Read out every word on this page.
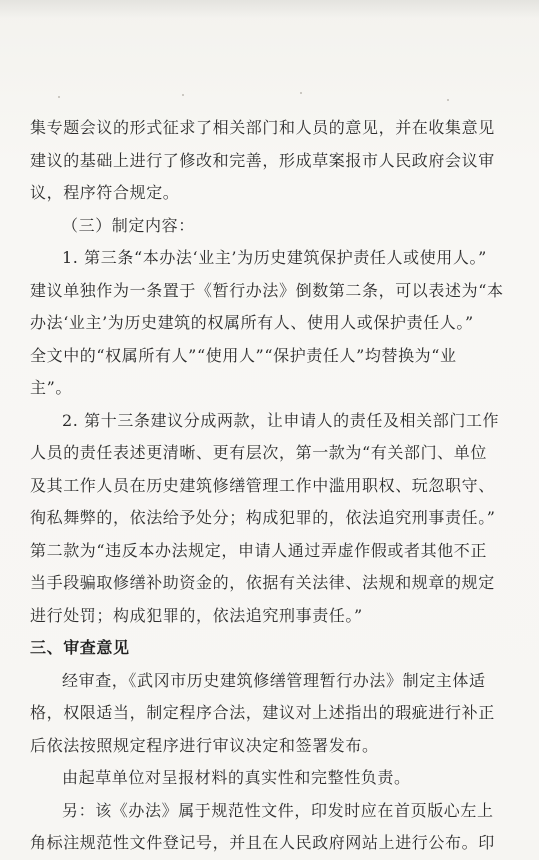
集专题会议的形式征求了相关部门和人员的意见，并在收集意见
建议的基础上进行了修改和完善，形成草案报市人民政府会议审
议，程序符合规定。
（三）制定内容：
1. 第三条“本办法‘业主’为历史建筑保护责任人或使用人。”
建议单独作为一条置于《暂行办法》倒数第二条，可以表述为“本
办法‘业主’为历史建筑的权属所有人、使用人或保护责任人。”
全文中的“权属所有人”“使用人”“保护责任人”均替换为“业
主”。
2. 第十三条建议分成两款，让申请人的责任及相关部门工作
人员的责任表述更清晰、更有层次，第一款为“有关部门、单位
及其工作人员在历史建筑修缮管理工作中滥用职权、玩忽职守、
徇私舞弊的，依法给予处分；构成犯罪的，依法追究刑事责任。”
第二款为“违反本办法规定，申请人通过弄虚作假或者其他不正
当手段骗取修缮补助资金的，依据有关法律、法规和规章的规定
进行处罚；构成犯罪的，依法追究刑事责任。”
三、审查意见
经审查，《武冈市历史建筑修缮管理暂行办法》制定主体适
格，权限适当，制定程序合法，建议对上述指出的瑕疵进行补正
后依法按照规定程序进行审议决定和签署发布。
由起草单位对呈报材料的真实性和完整性负责。
另：该《办法》属于规范性文件，印发时应在首页版心左上
角标注规范性文件登记号，并且在人民政府网站上进行公布。印
